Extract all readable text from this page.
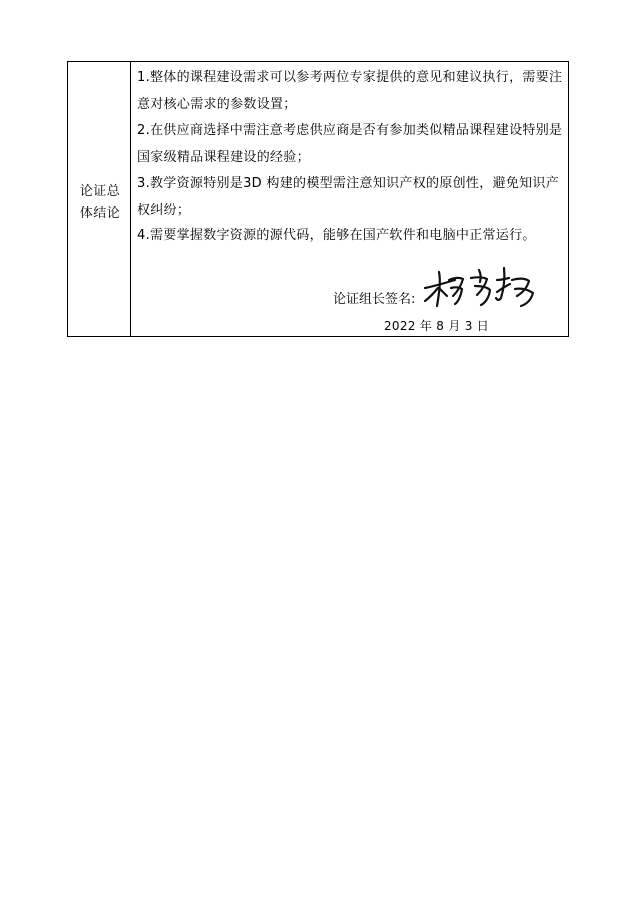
论证总体结论
1.整体的课程建设需求可以参考两位专家提供的意见和建议执行，需要注意对核心需求的参数设置；
2.在供应商选择中需注意考虑供应商是否有参加类似精品课程建设特别是国家级精品课程建设的经验；
3.教学资源特别是3D 构建的模型需注意知识产权的原创性，避免知识产权纠纷；
4.需要掌握数字资源的源代码，能够在国产软件和电脑中正常运行。
论证组长签名:
2022 年 8 月 3 日
